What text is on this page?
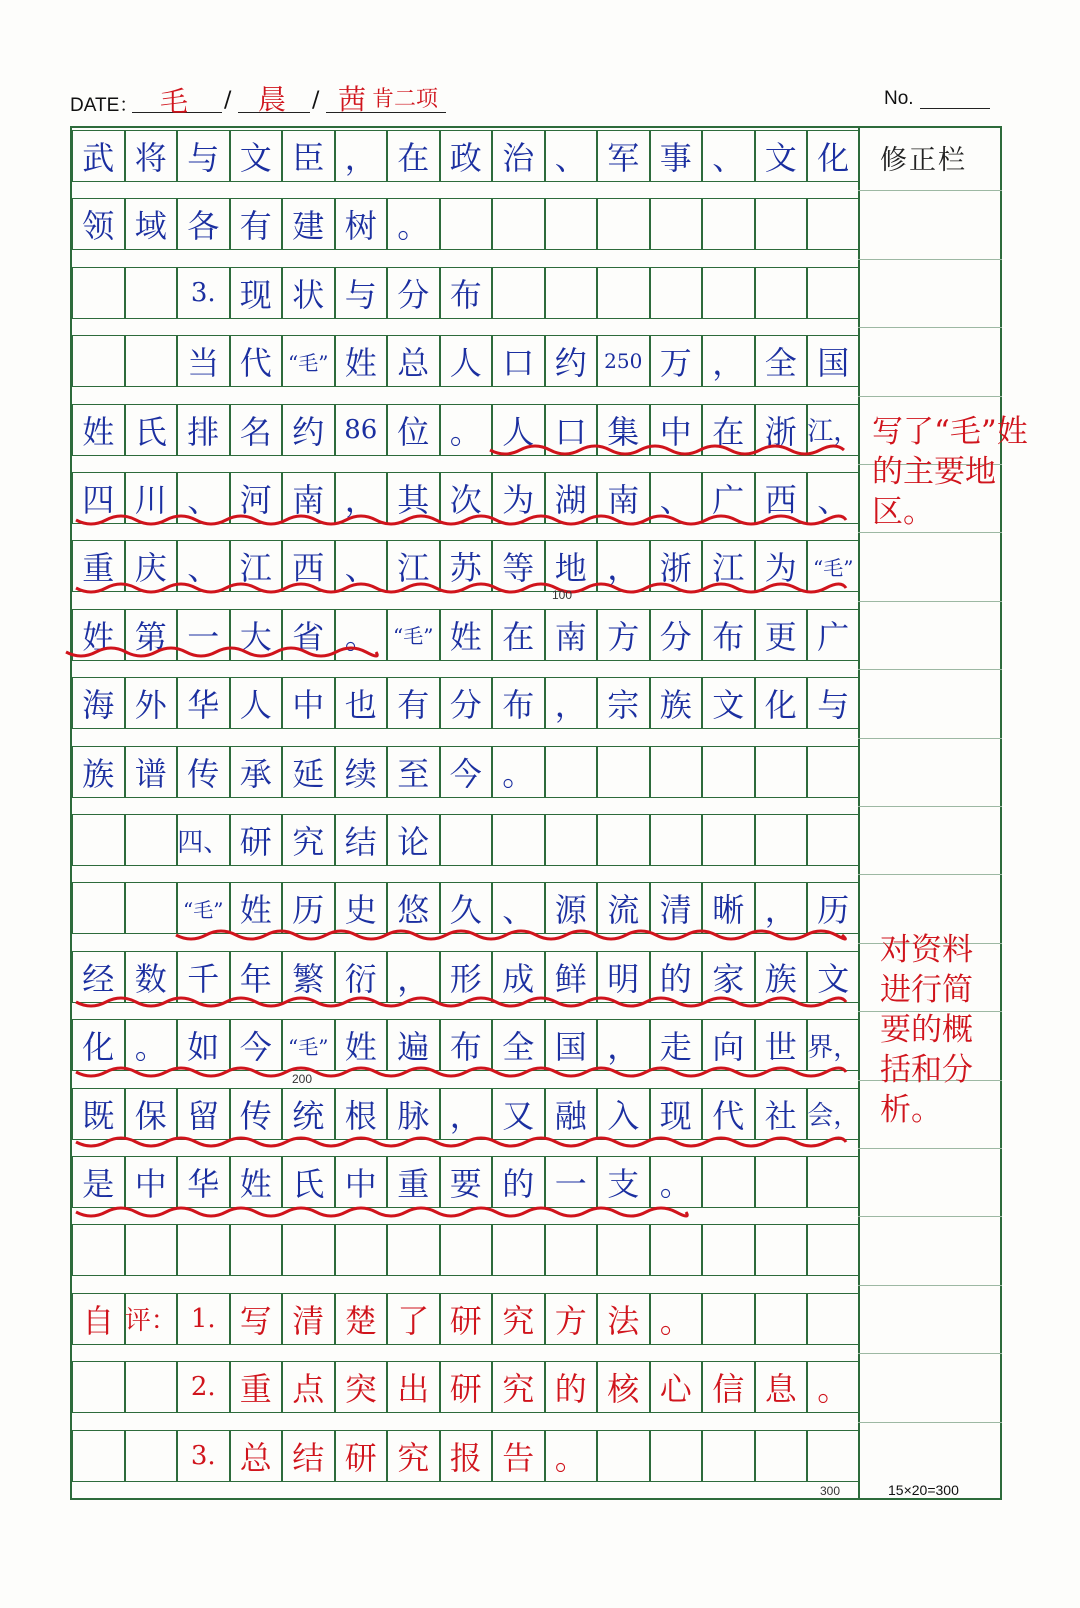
DATE： 毛 / 晨 / 茜 肯二项	No.
修正栏
武 将 与 文 臣 ， 在 政 治 、 军 事 、 文 化
领 域 各 有 建 树 。
3. 现 状 与 分 布
当 代 “毛” 姓 总 人 口 约 250 万 ， 全 国
姓 氏 排 名 约 86 位 。 人 口 集 中 在 浙 江，
四 川 、 河 南 ， 其 次 为 湖 南 、 广 西 、
重 庆 、 江 西 、 江 苏 等 地 ， 浙 江 为 “毛”
姓 第 一 大 省 。 “毛” 姓 在 南 方 分 布 更 广
海 外 华 人 中 也 有 分 布 ， 宗 族 文 化 与
族 谱 传 承 延 续 至 今 。
四、 研 究 结 论
“毛” 姓 历 史 悠 久 、 源 流 清 晰 ， 历
经 数 千 年 繁 衍 ， 形 成 鲜 明 的 家 族 文
化 。 如 今 “毛” 姓 遍 布 全 国 ， 走 向 世 界，
既 保 留 传 统 根 脉 ， 又 融 入 现 代 社 会，
是 中 华 姓 氏 中 重 要 的 一 支 。
自 评： 1. 写 清 楚 了 研 究 方 法 。
2. 重 点 突 出 研 究 的 核 心 信 息 。
3. 总 结 研 究 报 告 。
写了“毛”姓
的主要地
区。
对资料
进行简
要的概
括和分
析。
100
200
300	15×20=300
